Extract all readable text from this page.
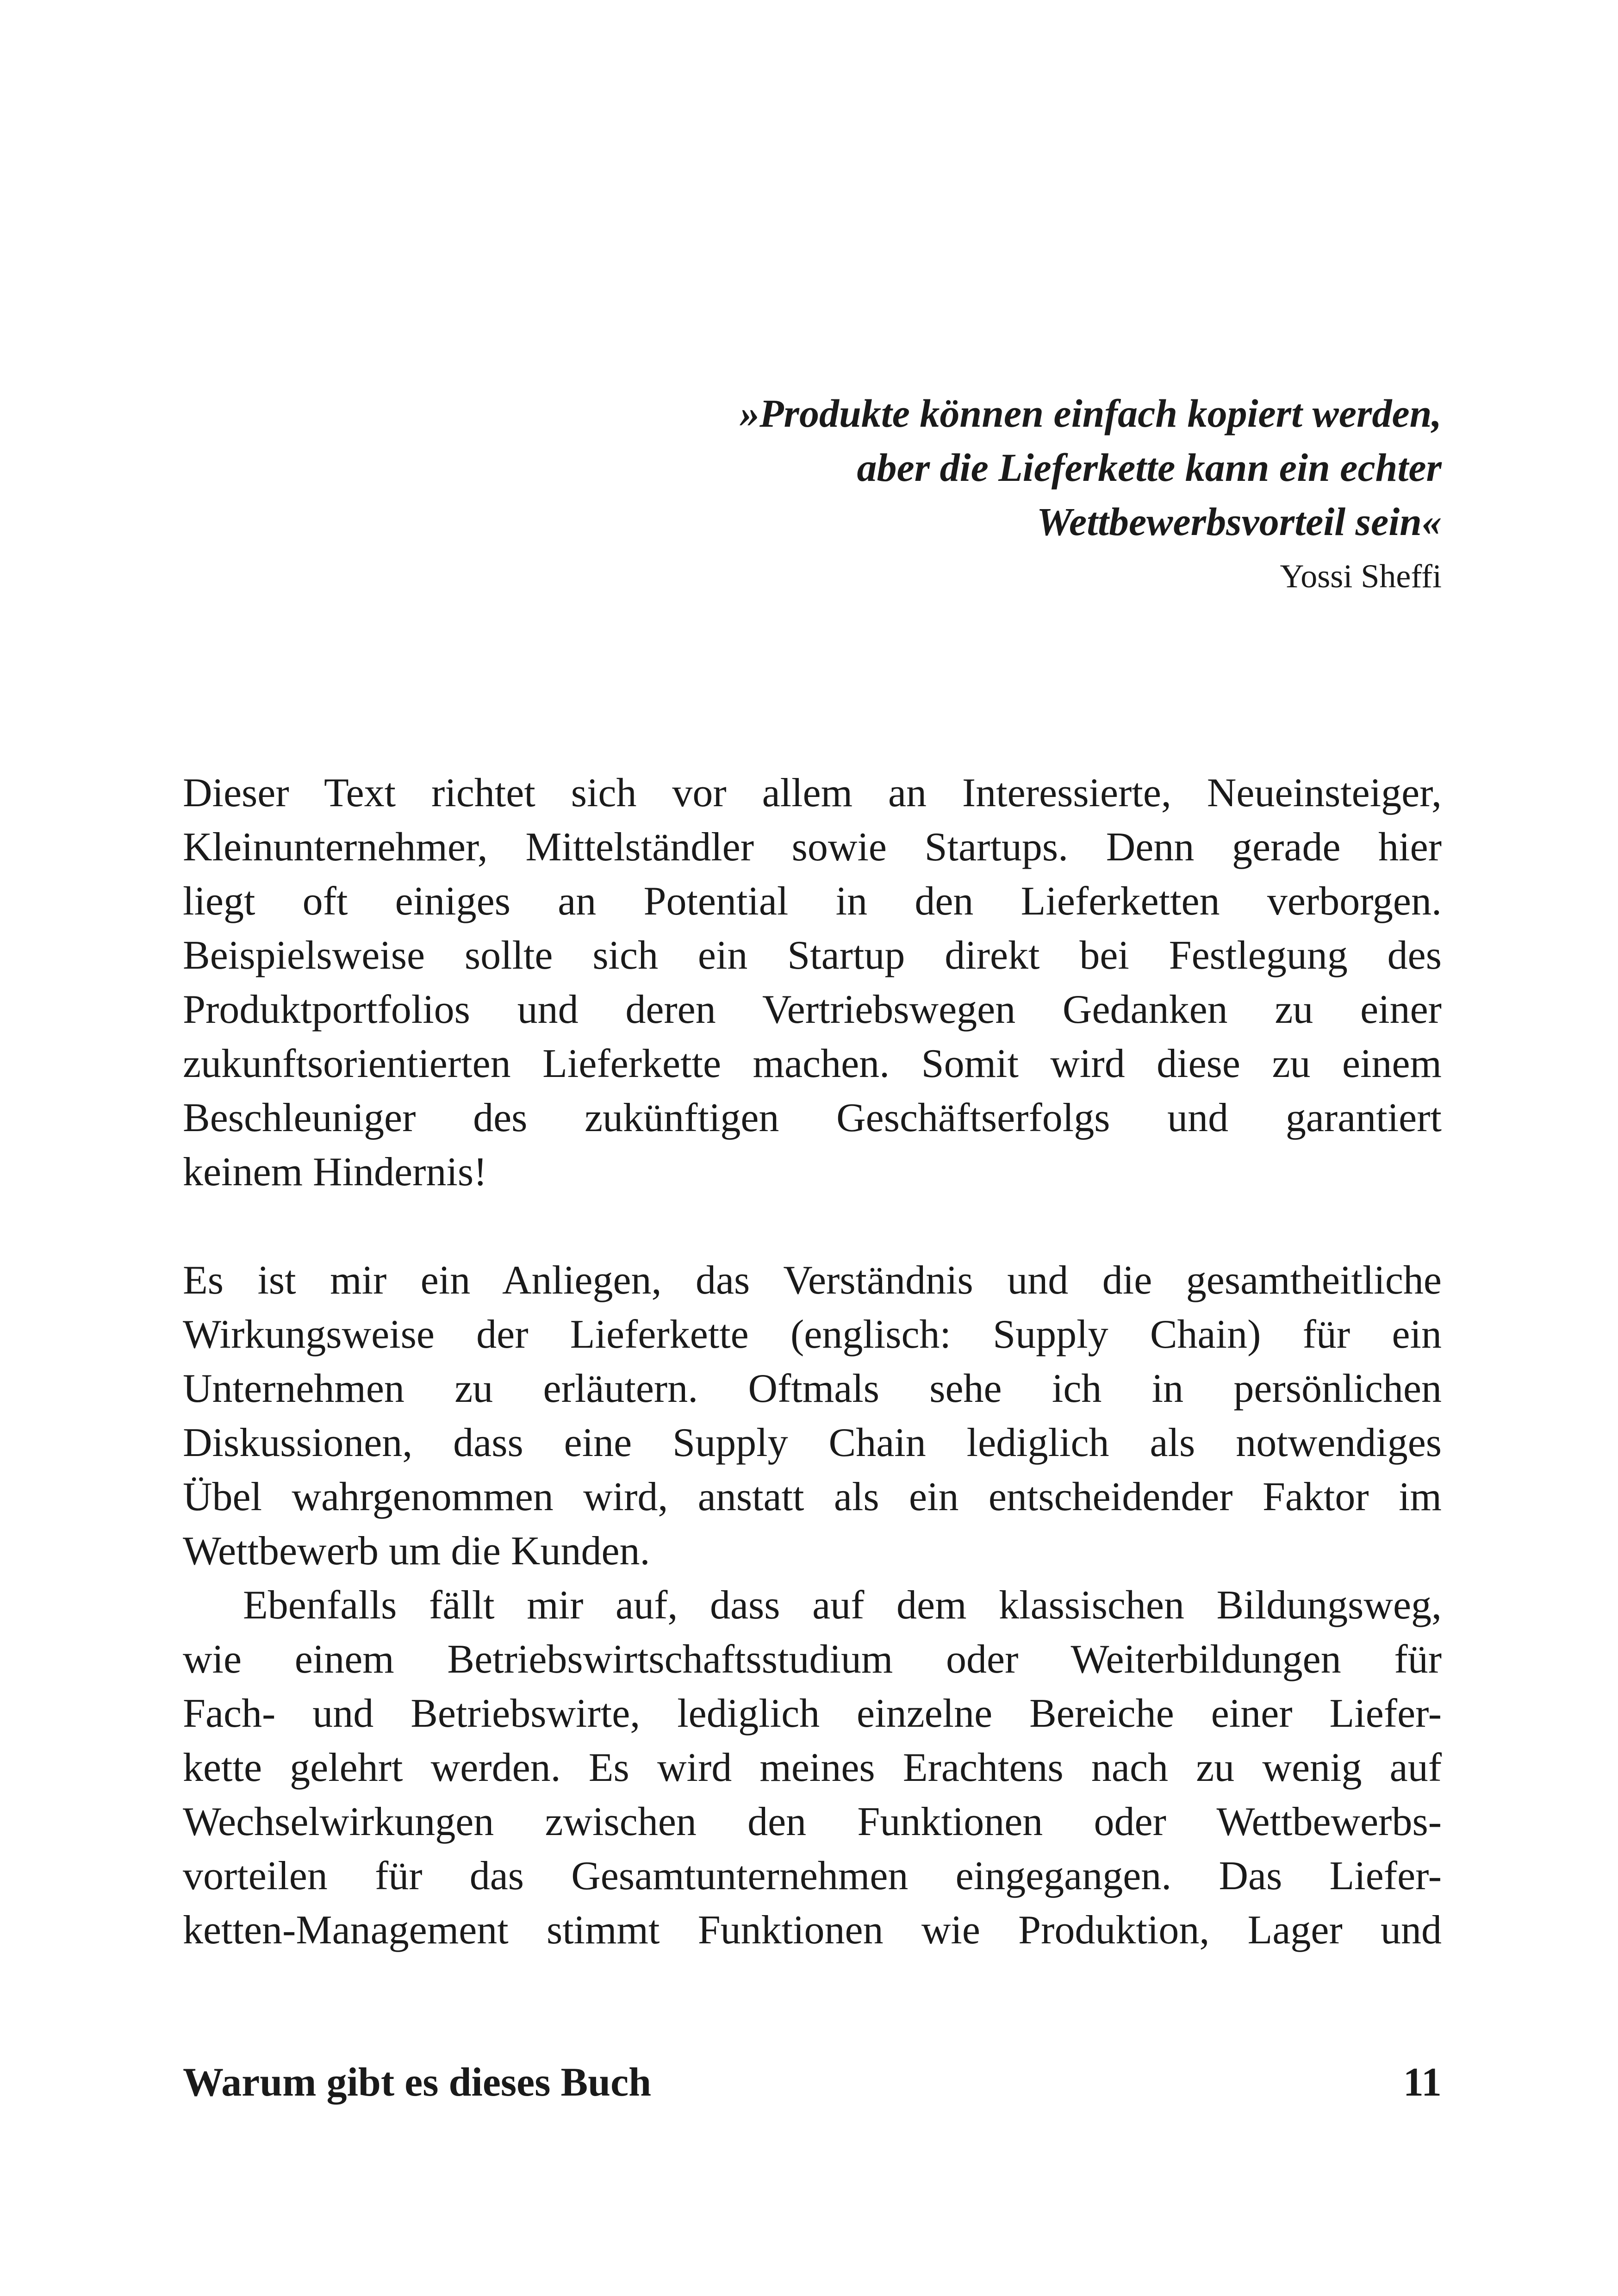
»Produkte können einfach kopiert werden,
aber die Lieferkette kann ein echter
Wettbewerbsvorteil sein«
Yossi Sheffi
Dieser Text richtet sich vor allem an Interessierte, Neueinsteiger,
Kleinunternehmer, Mittelständler sowie Startups. Denn gerade hier
liegt oft einiges an Potential in den Lieferketten verborgen.
Beispielsweise sollte sich ein Startup direkt bei Festlegung des
Produktportfolios und deren Vertriebswegen Gedanken zu einer
zukunftsorientierten Lieferkette machen. Somit wird diese zu einem
Beschleuniger des zukünftigen Geschäftserfolgs und garantiert
keinem Hindernis!
Es ist mir ein Anliegen, das Verständnis und die gesamtheitliche
Wirkungsweise der Lieferkette (englisch: Supply Chain) für ein
Unternehmen zu erläutern. Oftmals sehe ich in persönlichen
Diskussionen, dass eine Supply Chain lediglich als notwendiges
Übel wahrgenommen wird, anstatt als ein entscheidender Faktor im
Wettbewerb um die Kunden.
Ebenfalls fällt mir auf, dass auf dem klassischen Bildungsweg,
wie einem Betriebswirtschaftsstudium oder Weiterbildungen für
Fach- und Betriebswirte, lediglich einzelne Bereiche einer Liefer-
kette gelehrt werden. Es wird meines Erachtens nach zu wenig auf
Wechselwirkungen zwischen den Funktionen oder Wettbewerbs-
vorteilen für das Gesamtunternehmen eingegangen. Das Liefer-
ketten-Management stimmt Funktionen wie Produktion, Lager und
Warum gibt es dieses Buch	11
